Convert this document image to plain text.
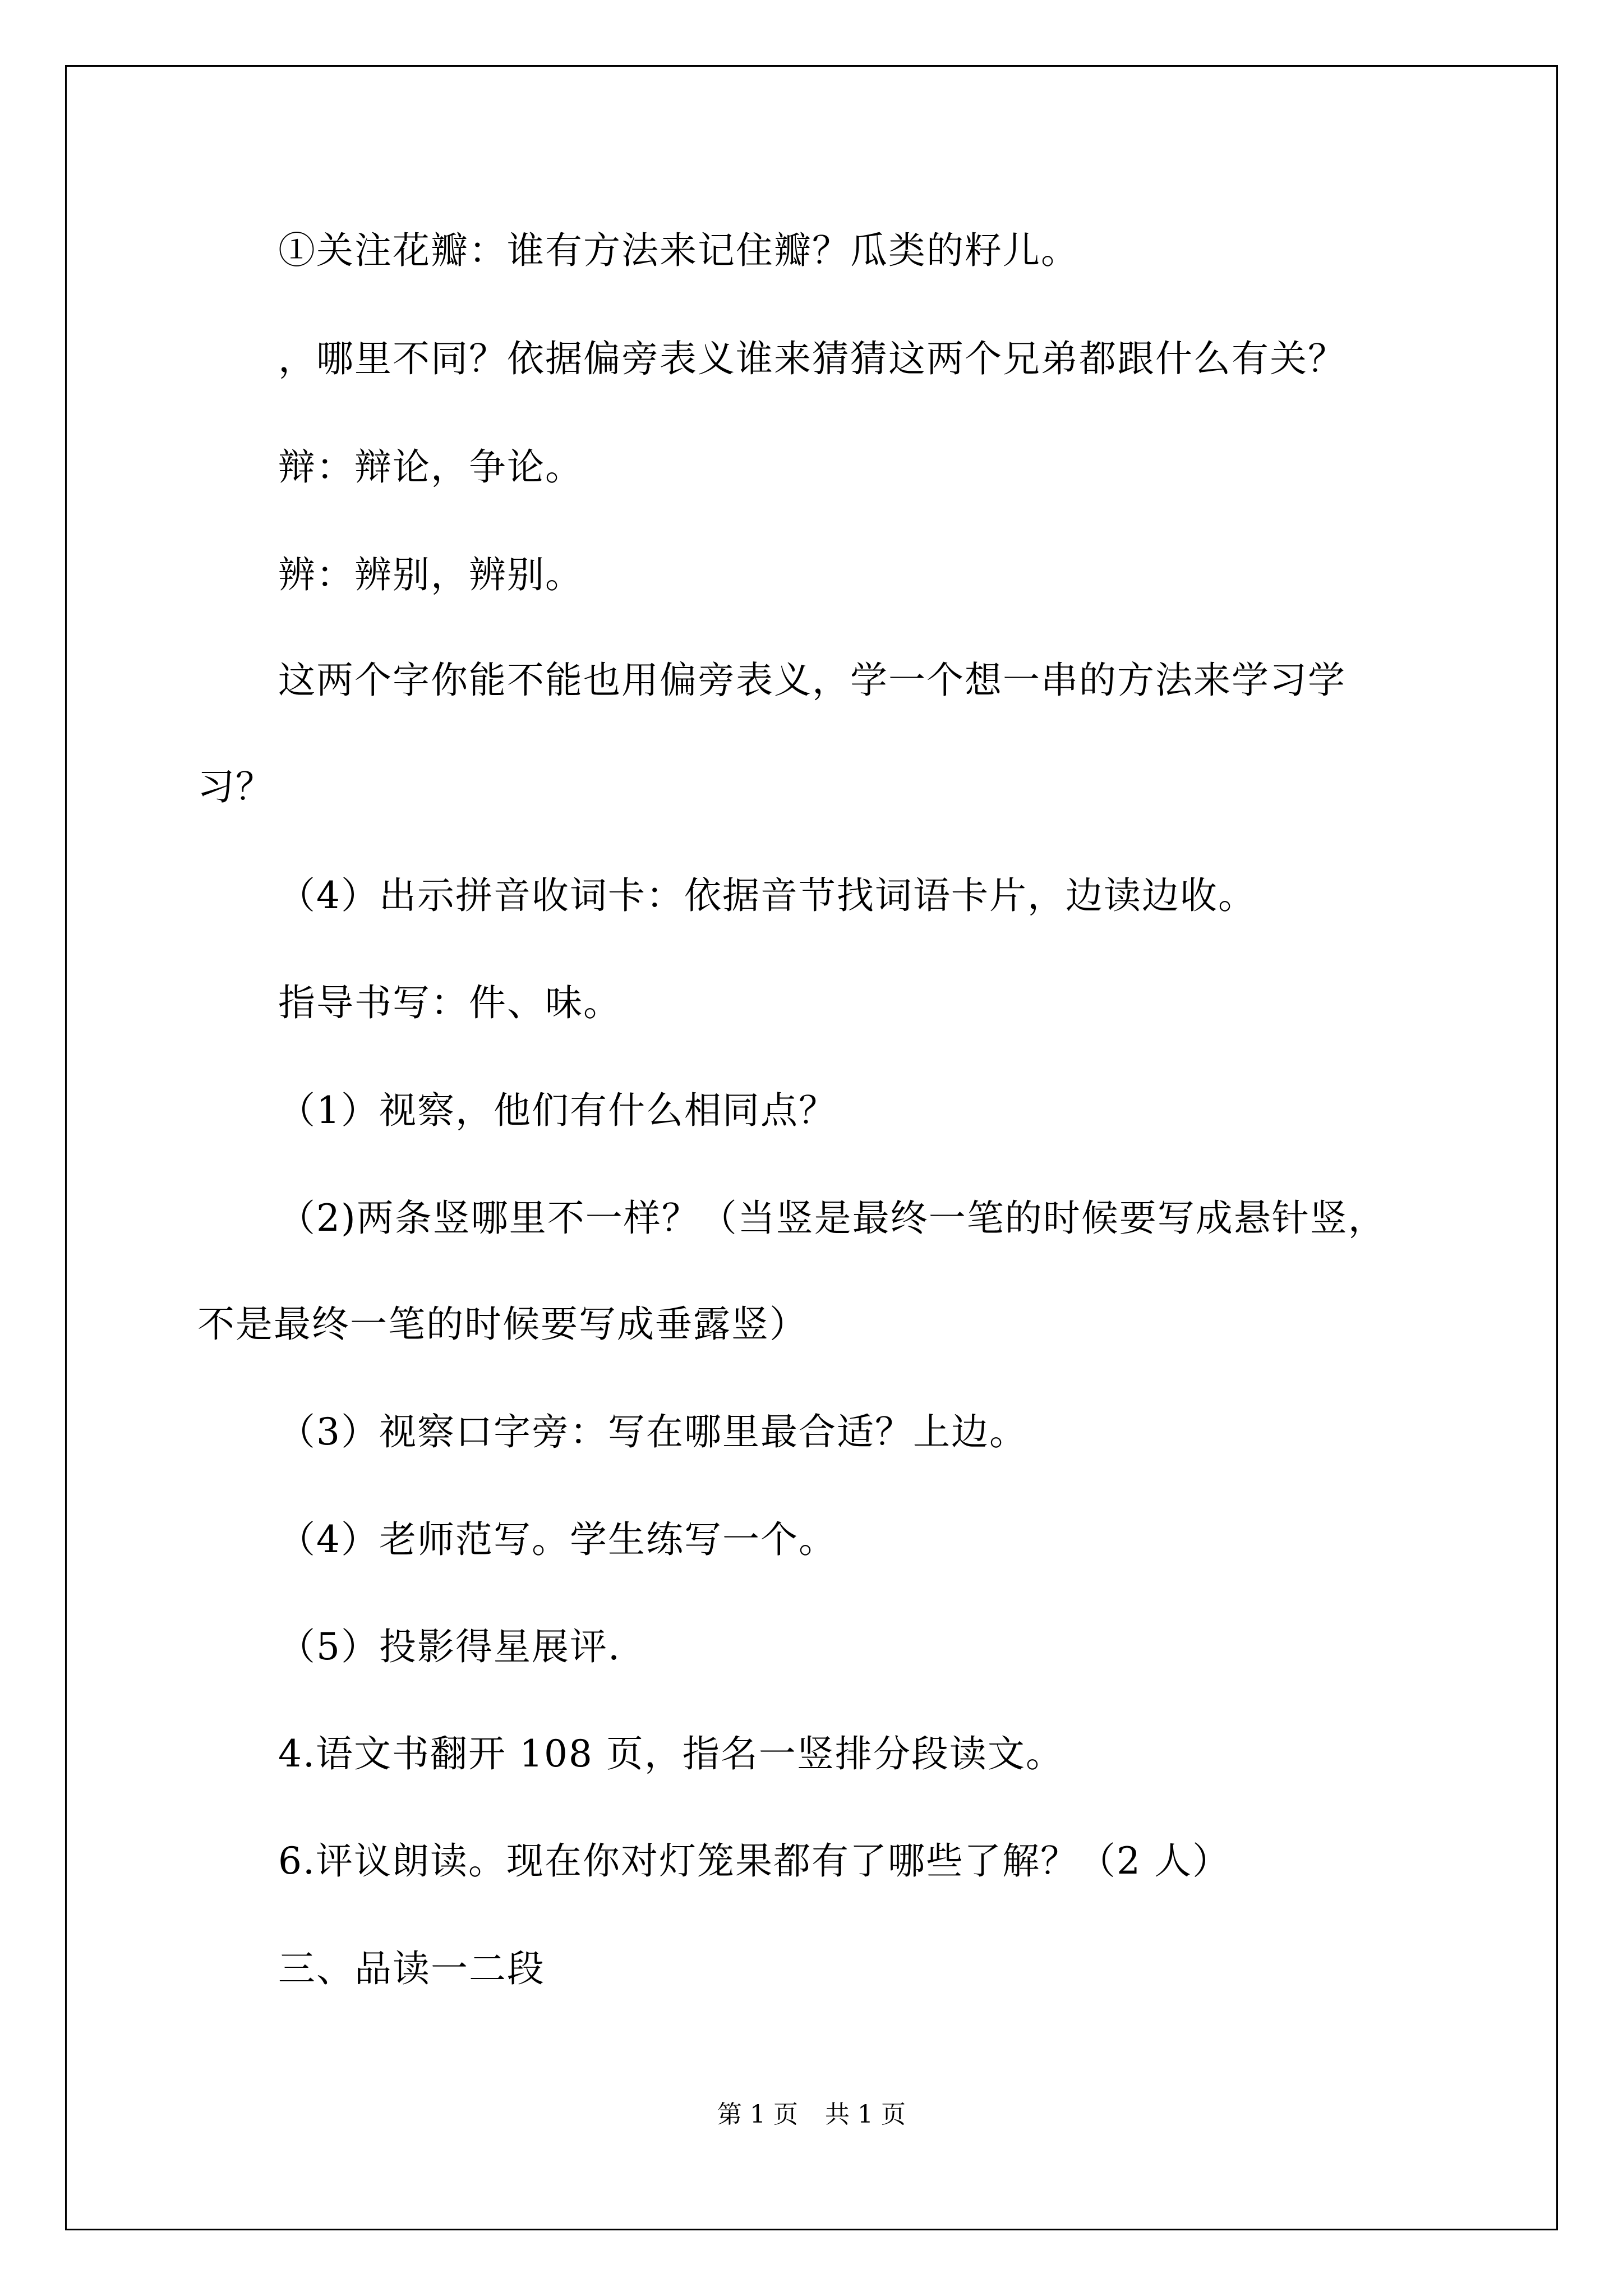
①关注花瓣：谁有方法来记住瓣？瓜类的籽儿。
，哪里不同？依据偏旁表义谁来猜猜这两个兄弟都跟什么有关？
辩：辩论，争论。
辨：辨别，辨别。
这两个字你能不能也用偏旁表义，学一个想一串的方法来学习学
习？
（4）出示拼音收词卡：依据音节找词语卡片，边读边收。
指导书写：件、味。
（1）视察，他们有什么相同点？
（2)两条竖哪里不一样？（当竖是最终一笔的时候要写成悬针竖，
不是最终一笔的时候要写成垂露竖）
（3）视察口字旁：写在哪里最合适？上边。
（4）老师范写。学生练写一个。
（5）投影得星展评.
4.语文书翻开 108 页，指名一竖排分段读文。
6.评议朗读。现在你对灯笼果都有了哪些了解？（2 人）
三、品读一二段
第 1 页 共 1 页
